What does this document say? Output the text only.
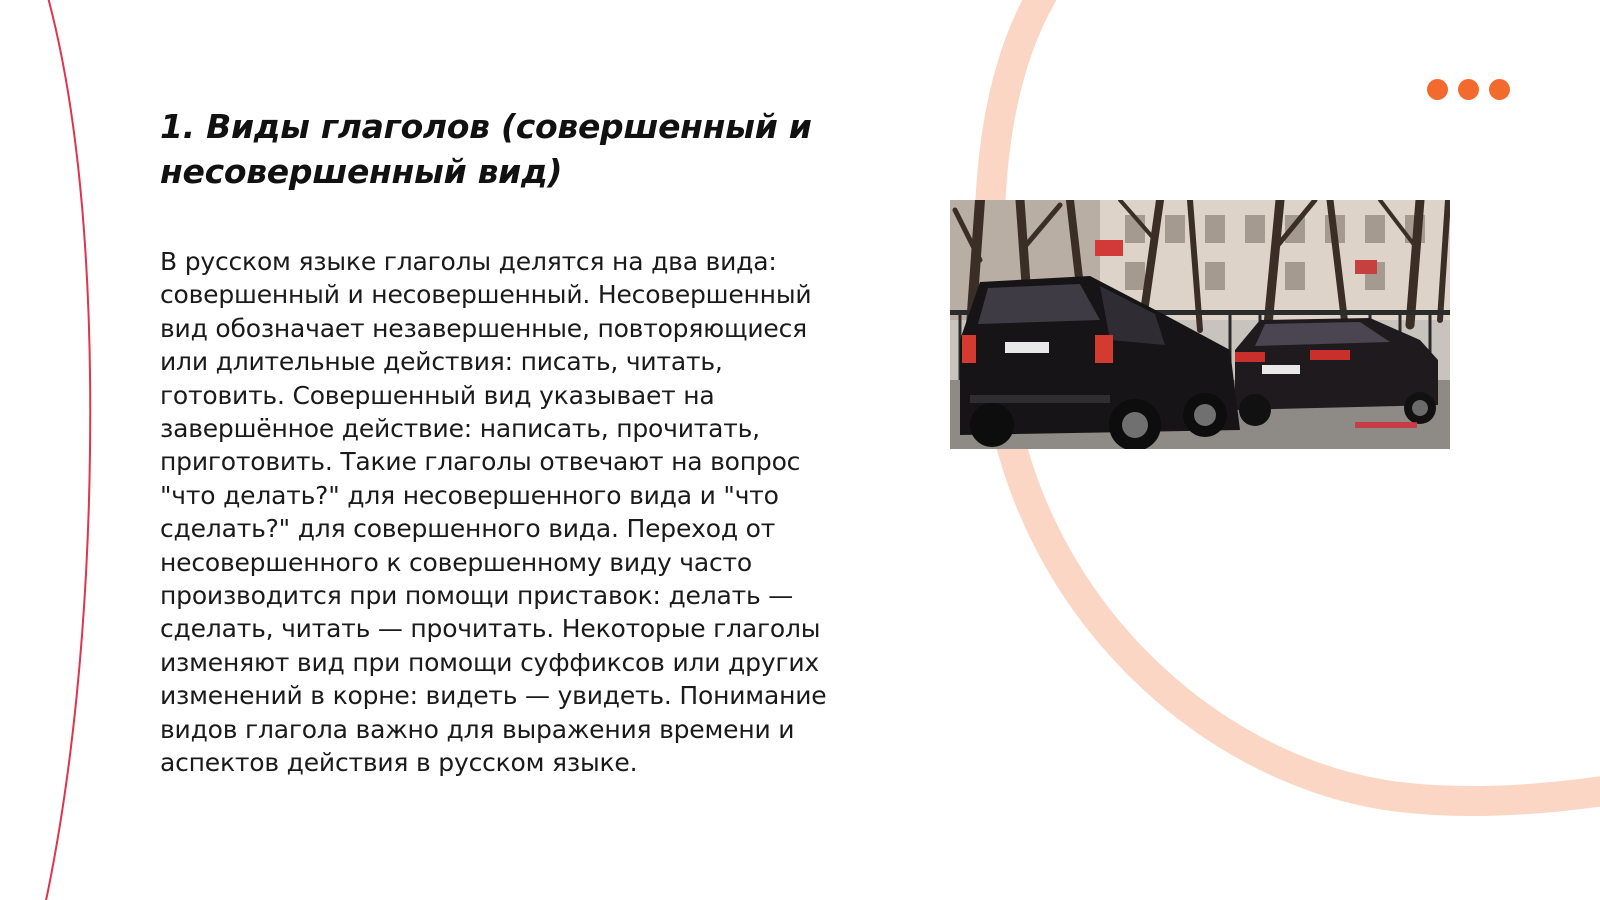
1. Виды глаголов (совершенный и несовершенный вид)

В русском языке глаголы делятся на два вида: совершенный и несовершенный. Несовершенный вид обозначает незавершенные, повторяющиеся или длительные действия: писать, читать, готовить. Совершенный вид указывает на завершённое действие: написать, прочитать, приготовить. Такие глаголы отвечают на вопрос "что делать?" для несовершенного вида и "что сделать?" для совершенного вида. Переход от несовершенного к совершенному виду часто производится при помощи приставок: делать — сделать, читать — прочитать. Некоторые глаголы изменяют вид при помощи суффиксов или других изменений в корне: видеть — увидеть. Понимание видов глагола важно для выражения времени и аспектов действия в русском языке.
